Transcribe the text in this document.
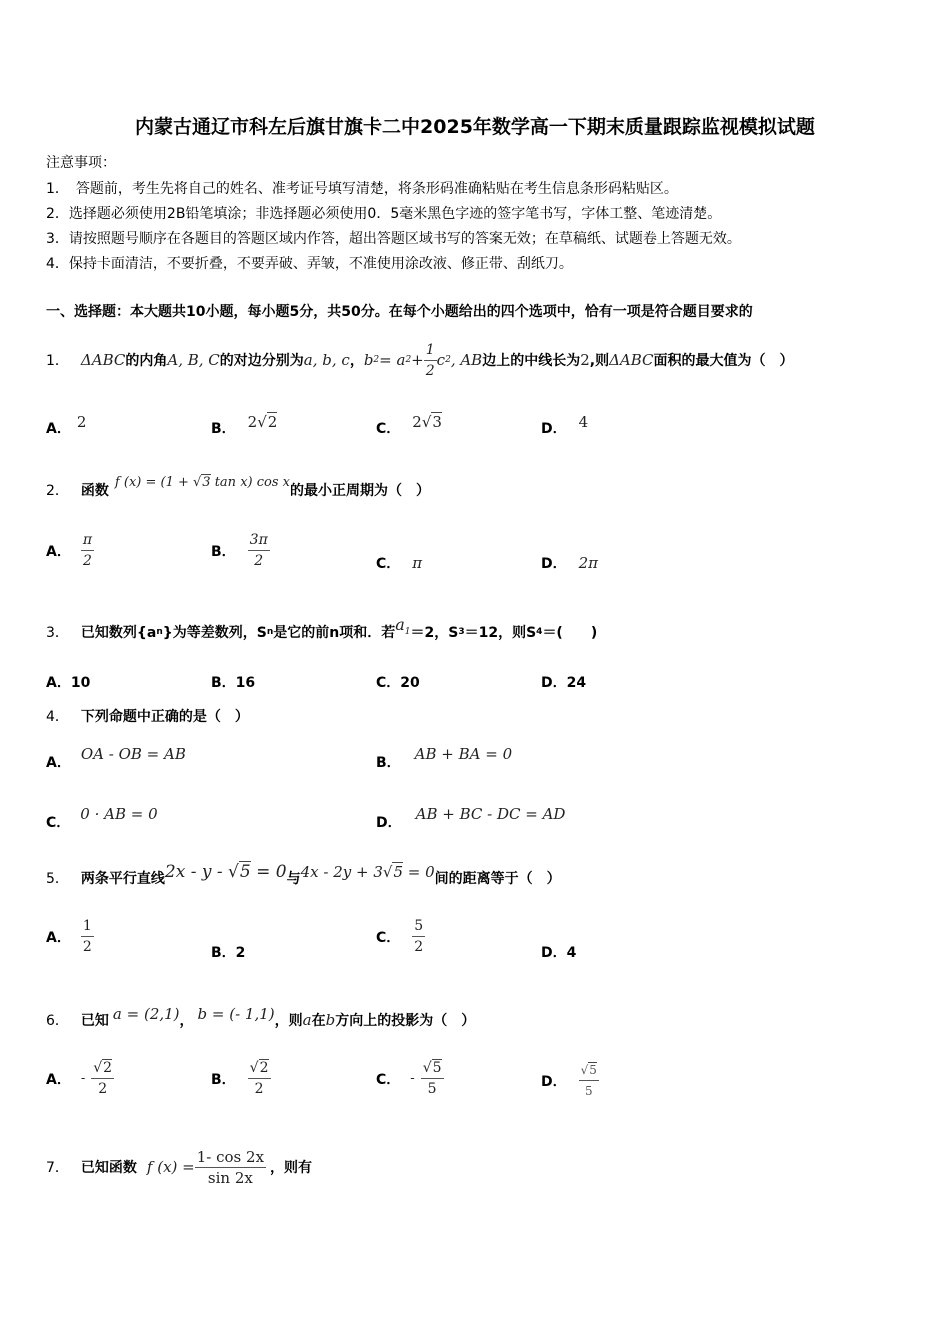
内蒙古通辽市科左后旗甘旗卡二中2025年数学高一下期末质量跟踪监视模拟试题
注意事项：
1．　答题前，考生先将自己的姓名、准考证号填写清楚，将条形码准确粘贴在考生信息条形码粘贴区。
2．选择题必须使用2B铅笔填涂；非选择题必须使用0．5毫米黑色字迹的签字笔书写，字体工整、笔迹清楚。
3．请按照题号顺序在各题目的答题区域内作答，超出答题区域书写的答案无效；在草稿纸、试题卷上答题无效。
4．保持卡面清洁，不要折叠，不要弄破、弄皱，不准使用涂改液、修正带、刮纸刀。
一、选择题：本大题共10小题，每小题5分，共50分。在每个小题给出的四个选项中，恰有一项是符合题目要求的
1． ΔABC 的内角 A, B, C 的对边分别为 a, b, c ， b 2 = a $2 + \frac{1}{2}$ c 2 , AB 边上的中线长为 2 ,则 ΔABC 面积的最大值为（　）
A． 2	B． 2√2	C． 2√3	D． 4
2． 函数
f (x) = (1 + √3 tan x) cos x
的最小正周期为（　）
A． $\frac{\pi}{2}$	B． $\frac{3\pi}{2}$	C． π	D． 2π
3． 已知数列{a n }为等差数列，S n 是它的前n项和．若 $a_1 =2$，S 3 ＝12，则S 4 ＝(　　)
A．10	B．16	C．20	D．24
4． 下列命题中正确的是（　）
A． OA - OB = AB	B． AB + BA = 0
C． 0 · AB = 0	D． AB + BC - DC = AD
5． 两条平行直线 2x - y - √5 = 0 与 4x - 2y + 3√5 = 0 间的距离等于（　）
A． $\frac{1}{2}$	B．2
C． $\frac{5}{2}$	D．4
6． 已知 a = (2,1) ， b = (- 1,1) ，则 a 在 b 方向上的投影为（　）
A． - $\frac{√2}{2}$	B． $\frac{√2}{2}$	C． - $\frac{√5}{5}$	D． $\frac{√5}{5}$
7． 已知函数 f $(x) = \frac{1- \cos 2x}{\sin 2x}$ ，则有
